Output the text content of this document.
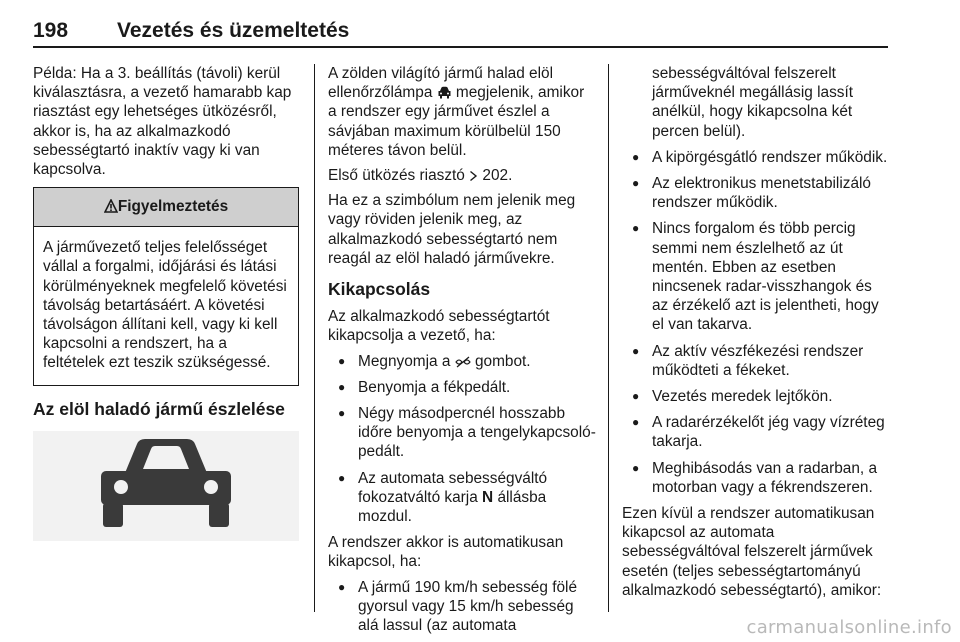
198 Vezetés és üzemeltetés

Példa: Ha a 3. beállítás (távoli) kerül kiválasztásra, a vezető hamarabb kap riasztást egy lehetséges ütközésről, akkor is, ha az alkalmazkodó sebességtartó inaktív vagy ki van kapcsolva.

Figyelmeztetés
A járművezető teljes felelősséget vállal a forgalmi, időjárási és látási körülményeknek megfelelő követési távolság betartásáért. A követési távolságon állítani kell, vagy ki kell kapcsolni a rendszert, ha a feltételek ezt teszik szükségessé.
Az elöl haladó jármű észlelése

A zölden világító jármű halad elöl ellenőrzőlámpa  megjelenik, amikor a rendszer egy járművet észlel a sávjában maximum körülbelül 150 méteres távon belül.

Első ütközés riasztó  202.

Ha ez a szimbólum nem jelenik meg vagy röviden jelenik meg, az alkalmazkodó sebességtartó nem reagál az elöl haladó járművekre.

Kikapcsolás

Az alkalmazkodó sebességtartót kikapcsolja a vezető, ha:

● Megnyomja a  gombot.
● Benyomja a fékpedált.
● Négy másodpercnél hosszabb időre benyomja a tengelykapcsoló-pedált.
● Az automata sebességváltó fokozatváltó karja N állásba mozdul.

A rendszer akkor is automatikusan kikapcsol, ha:

● A jármű 190 km/h sebesség fölé gyorsul vagy 15 km/h sebesség alá lassul (az automata
sebességváltóval felszerelt járműveknél megállásig lassít anélkül, hogy kikapcsolna két percen belül).
● A kipörgésgátló rendszer működik.
● Az elektronikus menetstabilizáló rendszer működik.
● Nincs forgalom és több percig semmi nem észlelhető az út mentén. Ebben az esetben nincsenek radar-visszhangok és az érzékelő azt is jelentheti, hogy el van takarva.
● Az aktív vészfékezési rendszer működteti a fékeket.
● Vezetés meredek lejtőkön.
● A radarérzékelőt jég vagy vízréteg takarja.
● Meghibásodás van a radarban, a motorban vagy a fékrendszeren.

Ezen kívül a rendszer automatikusan kikapcsol az automata sebességváltóval felszerelt járművek esetén (teljes sebességtartományú alkalmazkodó sebességtartó), amikor:

carmanualsonline.info
